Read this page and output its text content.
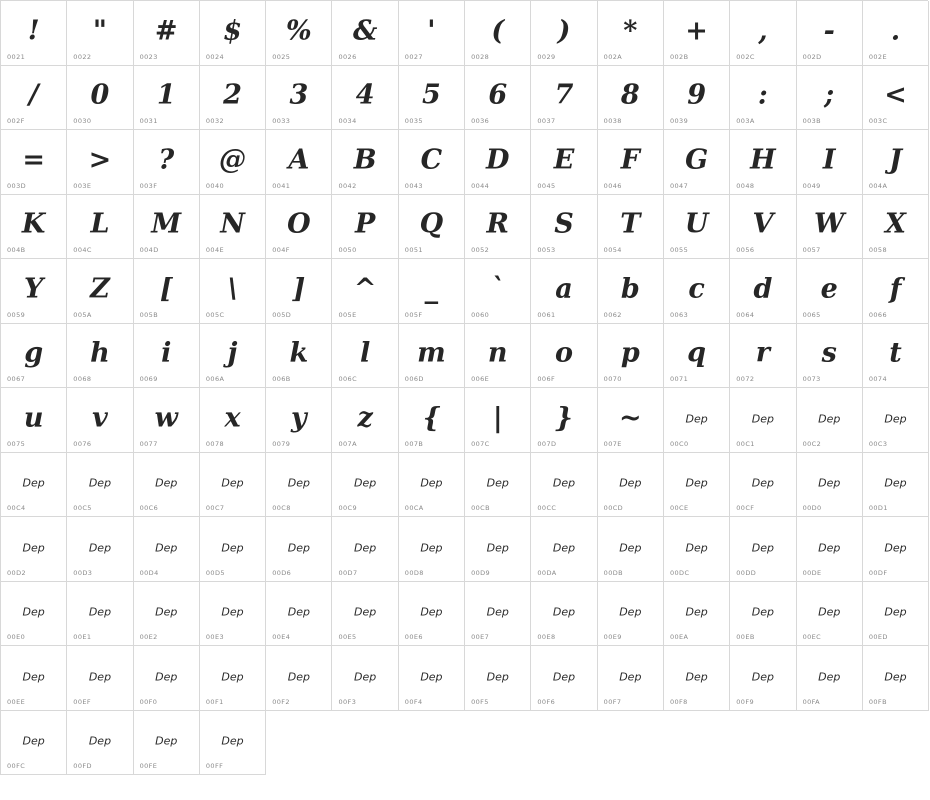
!
0021
"
0022
#
0023
$
0024
%
0025
&
0026
'
0027
(
0028
)
0029
*
002A
+
002B
,
002C
-
002D
.
002E
/
002F
0
0030
1
0031
2
0032
3
0033
4
0034
5
0035
6
0036
7
0037
8
0038
9
0039
:
003A
;
003B
<
003C
=
003D
>
003E
?
003F
@
0040
A
0041
B
0042
C
0043
D
0044
E
0045
F
0046
G
0047
H
0048
I
0049
J
004A
K
004B
L
004C
M
004D
N
004E
O
004F
P
0050
Q
0051
R
0052
S
0053
T
0054
U
0055
V
0056
W
0057
X
0058
Y
0059
Z
005A
[
005B
\
005C
]
005D
^
005E
_
005F
`
0060
a
0061
b
0062
c
0063
d
0064
e
0065
f
0066
g
0067
h
0068
i
0069
j
006A
k
006B
l
006C
m
006D
n
006E
o
006F
p
0070
q
0071
r
0072
s
0073
t
0074
u
0075
v
0076
w
0077
x
0078
y
0079
z
007A
{
007B
|
007C
}
007D
~
007E
Dep
00C0
Dep
00C1
Dep
00C2
Dep
00C3
Dep
00C4
Dep
00C5
Dep
00C6
Dep
00C7
Dep
00C8
Dep
00C9
Dep
00CA
Dep
00CB
Dep
00CC
Dep
00CD
Dep
00CE
Dep
00CF
Dep
00D0
Dep
00D1
Dep
00D2
Dep
00D3
Dep
00D4
Dep
00D5
Dep
00D6
Dep
00D7
Dep
00D8
Dep
00D9
Dep
00DA
Dep
00DB
Dep
00DC
Dep
00DD
Dep
00DE
Dep
00DF
Dep
00E0
Dep
00E1
Dep
00E2
Dep
00E3
Dep
00E4
Dep
00E5
Dep
00E6
Dep
00E7
Dep
00E8
Dep
00E9
Dep
00EA
Dep
00EB
Dep
00EC
Dep
00ED
Dep
00EE
Dep
00EF
Dep
00F0
Dep
00F1
Dep
00F2
Dep
00F3
Dep
00F4
Dep
00F5
Dep
00F6
Dep
00F7
Dep
00F8
Dep
00F9
Dep
00FA
Dep
00FB
Dep
00FC
Dep
00FD
Dep
00FE
Dep
00FF
